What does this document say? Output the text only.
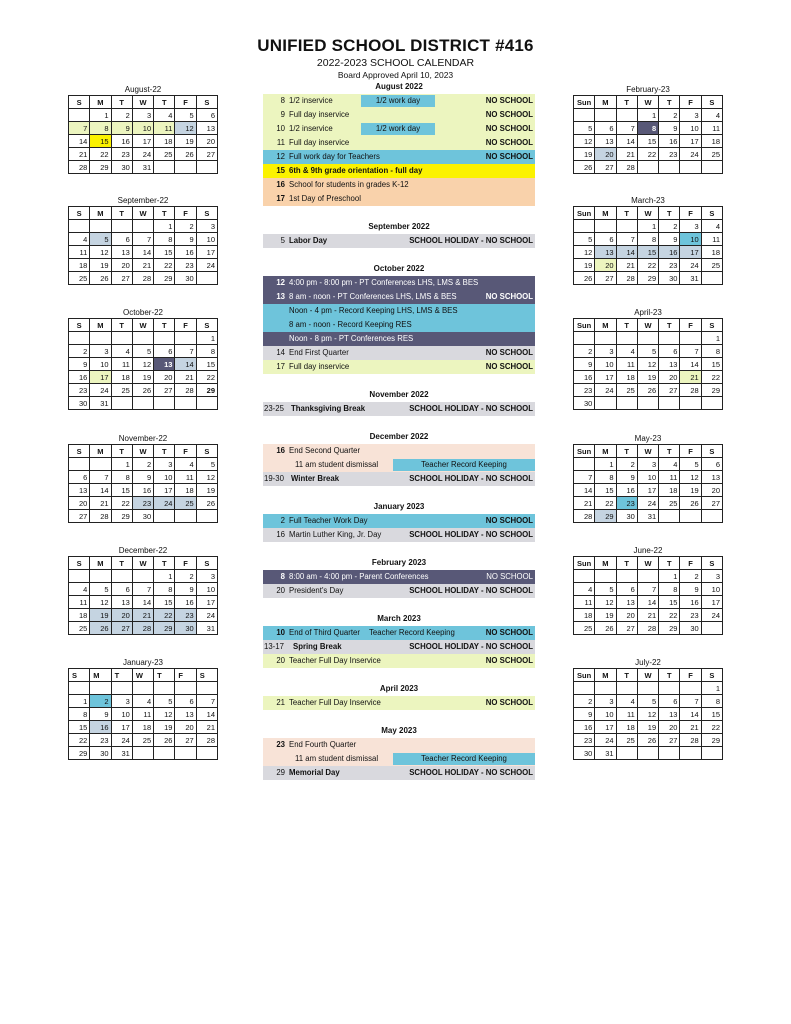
UNIFIED SCHOOL DISTRICT #416
2022-2023 SCHOOL CALENDAR
Board Approved April 10, 2023
August-22
S	M	T	W	T	F	S
	1	2	3	4	5	6
7	8	9	10	11	12	13
14	15	16	17	18	19	20
21	22	23	24	25	26	27
28	29	30	31			
September-22
S	M	T	W	T	F	S
				1	2	3
4	5	6	7	8	9	10
11	12	13	14	15	16	17
18	19	20	21	22	23	24
25	26	27	28	29	30	
October-22
S	M	T	W	T	F	S
						1
2	3	4	5	6	7	8
9	10	11	12	13	14	15
16	17	18	19	20	21	22
23	24	25	26	27	28	29
30	31					
November-22
S	M	T	W	T	F	S
		1	2	3	4	5
6	7	8	9	10	11	12
13	14	15	16	17	18	19
20	21	22	23	24	25	26
27	28	29	30			
December-22
S	M	T	W	T	F	S
				1	2	3
4	5	6	7	8	9	10
11	12	13	14	15	16	17
18	19	20	21	22	23	24
25	26	27	28	29	30	31
January-23
S	M	T	W	T	F	S

1	2	3	4	5	6	7
8	9	10	11	12	13	14
15	16	17	18	19	20	21
22	23	24	25	26	27	28
29	30	31				
February-23
Sun	M	T	W	T	F	S
			1	2	3	4
5	6	7	8	9	10	11
12	13	14	15	16	17	18
19	20	21	22	23	24	25
26	27	28				
March-23
Sun	M	T	W	T	F	S
			1	2	3	4
5	6	7	8	9	10	11
12	13	14	15	16	17	18
19	20	21	22	23	24	25
26	27	28	29	30	31	
April-23
Sun	M	T	W	T	F	S
						1
2	3	4	5	6	7	8
9	10	11	12	13	14	15
16	17	18	19	20	21	22
23	24	25	26	27	28	29
30						
May-23
Sun	M	T	W	T	F	S
	1	2	3	4	5	6
7	8	9	10	11	12	13
14	15	16	17	18	19	20
21	22	23	24	25	26	27
28	29	30	31			
June-22
Sun	M	T	W	T	F	S
				1	2	3
4	5	6	7	8	9	10
11	12	13	14	15	16	17
18	19	20	21	22	23	24
25	26	27	28	29	30	
July-22
Sun	M	T	W	T	F	S
						1
2	3	4	5	6	7	8
9	10	11	12	13	14	15
16	17	18	19	20	21	22
23	24	25	26	27	28	29
30	31					
August 2022
8 1/2 inservice	1/2 work day	NO SCHOOL
9 Full day inservice	NO SCHOOL
10 1/2 inservice	1/2 work day	NO SCHOOL
11 Full day inservice	NO SCHOOL
12 Full work day for Teachers	NO SCHOOL
15 6th & 9th grade orientation - full day
16 School for students in grades K-12
17 1st Day of Preschool
September 2022
5 Labor Day	SCHOOL HOLIDAY - NO SCHOOL
October 2022
12 4:00 pm - 8:00 pm - PT Conferences LHS, LMS & BES
13 8 am - noon - PT Conferences LHS, LMS & BES	NO SCHOOL
Noon - 4 pm - Record Keeping LHS, LMS & BES
8 am - noon - Record Keeping RES
Noon - 8 pm - PT Conferences RES
14 End First Quarter	NO SCHOOL
17 Full day inservice	NO SCHOOL
November 2022
23-25 Thanksgiving Break	SCHOOL HOLIDAY - NO SCHOOL
December 2022
16 End Second Quarter
11 am student dismissal	Teacher Record Keeping
19-30 Winter Break	SCHOOL HOLIDAY - NO SCHOOL
January 2023
2 Full Teacher Work Day	NO SCHOOL
16 Martin Luther King, Jr. Day	SCHOOL HOLIDAY - NO SCHOOL
February 2023
8 8:00 am - 4:00 pm - Parent Conferences	NO SCHOOL
20 President's Day	SCHOOL HOLIDAY - NO SCHOOL
March 2023
10 End of Third Quarter Teacher Record Keeping	NO SCHOOL
13-17 Spring Break	SCHOOL HOLIDAY - NO SCHOOL
20 Teacher Full Day Inservice	NO SCHOOL
April 2023
21 Teacher Full Day Inservice	NO SCHOOL
May 2023
23 End Fourth Quarter
11 am student dismissal	Teacher Record Keeping
29 Memorial Day	SCHOOL HOLIDAY - NO SCHOOL
